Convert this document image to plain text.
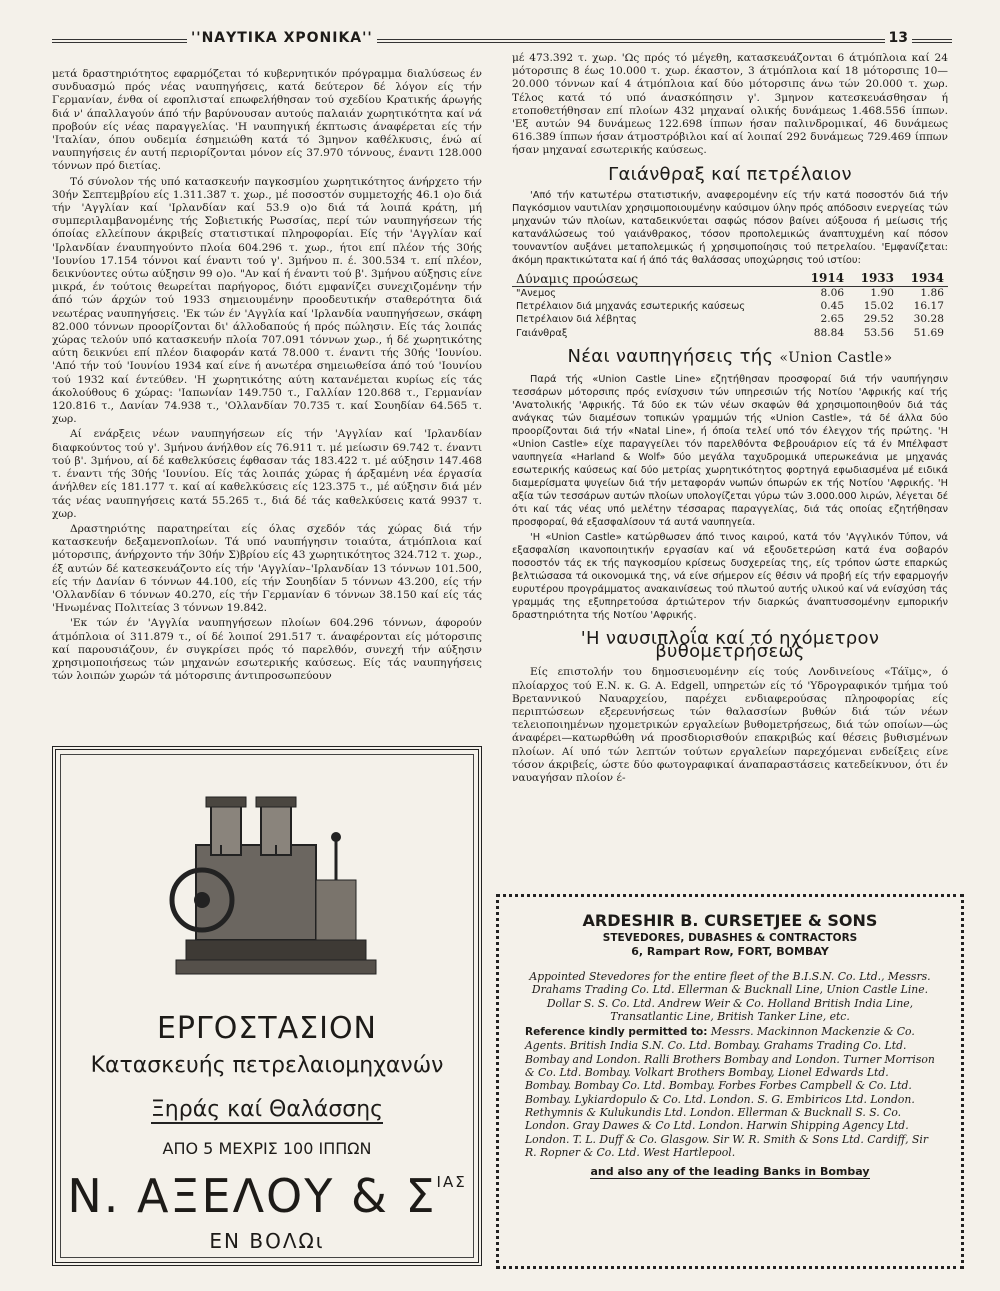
''ΝΑΥΤΙΚΑ ΧΡΟΝΙΚΑ''	13

μετά δραστηριότητος εφαρμόζεται τό κυβερνητικόν πρόγραμμα διαλύσεως έν συνδυασμώ πρός νέας ναυπηγήσεις, κατά δεύτερον δέ λόγον είς τήν Γερμανίαν, ένθα οί εφοπλισταί επωφελήθησαν τού σχεδίου Κρατικής άρωγής διά ν' άπαλλαγούν άπό τήν βαρύνουσαν αυτούς παλαιάν χωρητικότητα καί νά προβούν είς νέας παραγγελίας. 'Η ναυπηγική έκπτωσις άναφέρεται είς τήν 'Ιταλίαν, όπου ουδεμία έσημειώθη κατά τό 3μηνον καθέλκυσις, ένώ αί ναυπηγήσεις έν αυτή περιορίζονται μόνον είς 37.970 τόννους, έναντι 128.000 τόννων πρό διετίας.

Τό σύνολον τής υπό κατασκευήν παγκοσμίου χωρητικότητος άνήρχετο τήν 30ήν Σεπτεμβρίου είς 1.311.387 τ. χωρ., μέ ποσοστόν συμμετοχής 46.1 ο)ο διά τήν 'Αγγλίαν καί 'Ιρλανδίαν καί 53.9 ο)ο διά τά λοιπά κράτη, μή συμπεριλαμβανομένης τής Σοβιετικής Ρωσσίας, περί τών ναυπηγήσεων τής όποίας ελλείπουν άκριβείς στατιστικαί πληροφορίαι. Είς τήν 'Αγγλίαν καί 'Ιρλανδίαν έναυπηγούντο πλοία 604.296 τ. χωρ., ήτοι επί πλέον τής 30ής 'Ιουνίου 17.154 τόννοι καί έναντι τού γ'. 3μήνου π. έ. 300.534 τ. επί πλέον, δεικνύοντες ούτω αύξησιν 99 ο)ο. "Αν καί ή έναντι τού β'. 3μήνου αύξησις είνε μικρά, έν τούτοις θεωρείται παρήγορος, διότι εμφανίζει συνεχιζομένην τήν άπό τών άρχών τού 1933 σημειουμένην προοδευτικήν σταθερότητα διά νεωτέρας ναυπηγήσεις. 'Εκ τών έν 'Αγγλία καί 'Ιρλανδία ναυπηγήσεων, σκάφη 82.000 τόννων προορίζονται δι' άλλοδαπούς ή πρός πώλησιν. Είς τάς λοιπάς χώρας τελούν υπό κατασκευήν πλοία 707.091 τόννων χωρ., ή δέ χωρητικότης αύτη δεικνύει επί πλέον διαφοράν κατά 78.000 τ. έναντι τής 30ής 'Ιουνίου. 'Από τήν τού 'Ιουνίου 1934 καί είνε ή ανωτέρα σημειωθείσα άπό τού 'Ιουνίου τού 1932 καί έντεύθεν. 'Η χωρητικότης αύτη κατανέμεται κυρίως είς τάς άκολούθους 6 χώρας: 'Ιαπωνίαν 149.750 τ., Γαλλίαν 120.868 τ., Γερμανίαν 120.816 τ., Δανίαν 74.938 τ., 'Ολλανδίαν 70.735 τ. καί Σουηδίαν 64.565 τ. χωρ.

Αί ενάρξεις νέων ναυπηγήσεων είς τήν 'Αγγλίαν καί 'Ιρλανδίαν διαφκούντος τού γ'. 3μήνου άνήλθον είς 76.911 τ. μέ μείωσιν 69.742 τ. έναντι τού β'. 3μήνου, αί δέ καθελκύσεις έφθασαν τάς 183.422 τ. μέ αύξησιν 147.468 τ. έναντι τής 30ής 'Ιουνίου. Είς τάς λοιπάς χώρας ή άρξαμένη νέα έργασία άνήλθεν είς 181.177 τ. καί αί καθελκύσεις είς 123.375 τ., μέ αύξησιν διά μέν τάς νέας ναυπηγήσεις κατά 55.265 τ., διά δέ τάς καθελκύσεις κατά 9937 τ. χωρ.

Δραστηριότης παρατηρείται είς όλας σχεδόν τάς χώρας διά τήν κατασκευήν δεξαμενοπλοίων. Τά υπό ναυπήγησιν τοιαύτα, άτμόπλοια καί μότορσιπς, άνήρχοντο τήν 30ήν Σ)βρίου είς 43 χωρητικότητος 324.712 τ. χωρ., έξ αυτών δέ κατεσκευάζοντο είς τήν 'Αγγλίαν–'Ιρλανδίαν 13 τόννων 101.500, είς τήν Δανίαν 6 τόννων 44.100, είς τήν Σουηδίαν 5 τόννων 43.200, είς τήν 'Ολλανδίαν 6 τόννων 40.270, είς τήν Γερμανίαν 6 τόννων 38.150 καί είς τάς 'Ηνωμένας Πολιτείας 3 τόννων 19.842.

'Εκ τών έν 'Αγγλία ναυπηγήσεων πλοίων 604.296 τόννων, άφορούν άτμόπλοια οί 311.879 τ., οί δέ λοιποί 291.517 τ. άναφέρονται είς μότορσιπς καί παρουσιάζουν, έν συγκρίσει πρός τό παρελθόν, συνεχή τήν αύξησιν χρησιμοποιήσεως τών μηχανών εσωτερικής καύσεως. Είς τάς ναυπηγήσεις τών λοιπών χωρών τά μότορσιπς άντιπροσωπεύουν

μέ 473.392 τ. χωρ. 'Ως πρός τό μέγεθη, κατασκευάζονται 6 άτμόπλοια καί 24 μότορσιπς 8 έως 10.000 τ. χωρ. έκαστον, 3 άτμόπλοια καί 18 μότορσιπς 10—20.000 τόννων καί 4 άτμόπλοια καί δύο μότορσιπς άνω τών 20.000 τ. χωρ. Τέλος κατά τό υπό άνασκόπησιν γ'. 3μηνον κατεσκευάσθησαν ή ετοποθετήθησαν επί πλοίων 432 μηχαναί ολικής δυνάμεως 1.468.556 ίππων. 'Εξ αυτών 94 δυνάμεως 122.698 ίππων ήσαν παλινδρομικαί, 46 δυνάμεως 616.389 ίππων ήσαν άτμοστρόβιλοι καί αί λοιπαί 292 δυνάμεως 729.469 ίππων ήσαν μηχαναί εσωτερικής καύσεως.

Γαιάνθραξ καί πετρέλαιον

'Από τήν κατωτέρω στατιστικήν, αναφερομένην είς τήν κατά ποσοστόν διά τήν Παγκόσμιον ναυτιλίαν χρησιμοποιουμένην καύσιμον ύλην πρός απόδοσιν ενεργείας τών μηχανών τών πλοίων, καταδεικνύεται σαφώς πόσον βαίνει αύξουσα ή μείωσις τής κατανάλώσεως τού γαιάνθρακος, τόσον προπολεμικώς άναπτυχμένη καί πόσον τουναντίον αυξάνει μεταπολεμικώς ή χρησιμοποίησις τού πετρελαίου. 'Εμφανίζεται: άκόμη πρακτικώτατα καί ή άπό τάς θαλάσσας υποχώρησις τού ιστίου:

Δύναμις προώσεως	1914	1933	1934
"Ανεμος	8.06	1.90	1.86
Πετρέλαιον διά μηχανάς εσωτερικής καύσεως	0.45	15.02	16.17
Πετρέλαιον διά λέβητας	2.65	29.52	30.28
Γαιάνθραξ	88.84	53.56	51.69
Νέαι ναυπηγήσεις τής «Union Castle»

Παρά τής «Union Castle Line» εζητήθησαν προσφοραί διά τήν ναυπήγησιν τεσσάρων μότορσιπς πρός ενίσχυσιν τών υπηρεσιών τής Νοτίου 'Αφρικής καί τής 'Ανατολικής 'Αφρικής. Τά δύο εκ τών νέων σκαφών θά χρησιμοποιηθούν διά τάς ανάγκας τών διαμέσων τοπικών γραμμών τής «Union Castle», τά δέ άλλα δύο προορίζονται διά τήν «Natal Line», ή όποία τελεί υπό τόν έλεγχον τής πρώτης. 'Η «Union Castle» είχε παραγγείλει τόν παρελθόντα Φεβρουάριον είς τά έν Μπέλφαστ ναυπηγεία «Harland & Wolf» δύο μεγάλα ταχυδρομικά υπερωκεάνια με μηχανάς εσωτερικής καύσεως καί δύο μετρίας χωρητικότητος φορτηγά εφωδιασμένα μέ ειδικά διαμερίσματα ψυγείων διά τήν μεταφοράν νωπών όπωρών εκ τής Νοτίου 'Αφρικής. 'Η αξία τών τεσσάρων αυτών πλοίων υπολογίζεται γύρω τών 3.000.000 λιρών, λέγεται δέ ότι καί τάς νέας υπό μελέτην τέσσαρας παραγγελίας, διά τάς οποίας εζητήθησαν προσφοραί, θά εξασφαλίσουν τά αυτά ναυπηγεία.

'Η «Union Castle» κατώρθωσεν άπό τινος καιρού, κατά τόν 'Αγγλικόν Τύπον, νά εξασφαλίση ικανοποιητικήν εργασίαν καί νά εξουδετερώση κατά ένα σοβαρόν ποσοστόν τάς εκ τής παγκοσμίου κρίσεως δυσχερείας της, είς τρόπον ώστε επαρκώς βελτιώσασα τά οικονομικά της, νά είνε σήμερον είς θέσιν νά προβή είς τήν εφαρμογήν ευρυτέρου προγράμματος ανακαινίσεως τού πλωτού αυτής υλικού καί νά ενίσχύση τάς γραμμάς της εξυπηρετούσα άρτιώτερον τήν διαρκώς άναπτυσσομένην εμπορικήν δραστηριότητα τής Νοτίου 'Αφρικής.

'Η ναυσιπλοΐα καί τό ηχόμετρον βυθομετρήσεως

Είς επιστολήν του δημοσιευομένην είς τούς Λονδινείους «Τάϊμς», ό πλοίαρχος τού Ε.Ν. κ. G. A. Edgell, υπηρετών είς τό 'Υδρογραφικόν τμήμα τού Βρεταννικού Ναυαρχείου, παρέχει ενδιαφερούσας πληροφορίας είς περιπτώσεων εξερευνήσεως τών θαλασσίων βυθών διά τών νέων τελειοποιημένων ηχομετρικών εργαλείων βυθομετρήσεως, διά τών οποίων—ώς άναφέρει—κατωρθώθη νά προσδιορισθούν επακριβώς καί θέσεις βυθισμένων πλοίων. Αί υπό τών λεπτών τούτων εργαλείων παρεχόμεναι ενδείξεις είνε τόσον άκριβείς, ώστε δύο φωτογραφικαί άναπαραστάσεις κατεδείκνυον, ότι έν ναυαγήσαν πλοίον έ-

ΕΡΓΟΣΤΑΣΙΟΝ
Κατασκευής πετρελαιομηχανών
Ξηράς καί Θαλάσσης
ΑΠΟ 5 ΜΕΧΡΙΣ 100 ΙΠΠΩΝ
Ν. ΑΞΕΛΟΥ & $\Sigma^{IA\Sigma}$
ΕΝ ΒΟΛΩι
ARDESHIR B. CURSETJEE & SONS
STEVEDORES, DUBASHES & CONTRACTORS
6, Rampart Row, FORT, BOMBAY
Appointed Stevedores for the entire fleet of the B.I.S.N. Co. Ltd., Messrs. Drahams Trading Co. Ltd. Ellerman & Bucknall Line, Union Castle Line. Dollar S. S. Co. Ltd. Andrew Weir & Co. Holland British India Line, Transatlantic Line, British Tanker Line, etc.
Reference kindly permitted to: Messrs. Mackinnon Mackenzie & Co. Agents. British India S.N. Co. Ltd. Bombay. Grahams Trading Co. Ltd. Bombay and London. Ralli Brothers Bombay and London. Turner Morrison & Co. Ltd. Bombay. Volkart Brothers Bombay, Lionel Edwards Ltd. Bombay. Bombay Co. Ltd. Bombay. Forbes Forbes Campbell & Co. Ltd. Bombay. Lykiardopulo & Co. Ltd. London. S. G. Embiricos Ltd. London. Rethymnis & Kulukundis Ltd. London. Ellerman & Bucknall S. S. Co. London. Gray Dawes & Co Ltd. London. Harwin Shipping Agency Ltd. London. T. L. Duff & Co. Glasgow. Sir W. R. Smith & Sons Ltd. Cardiff, Sir R. Ropner & Co. Ltd. West Hartlepool.
and also any of the leading Banks in Bombay
